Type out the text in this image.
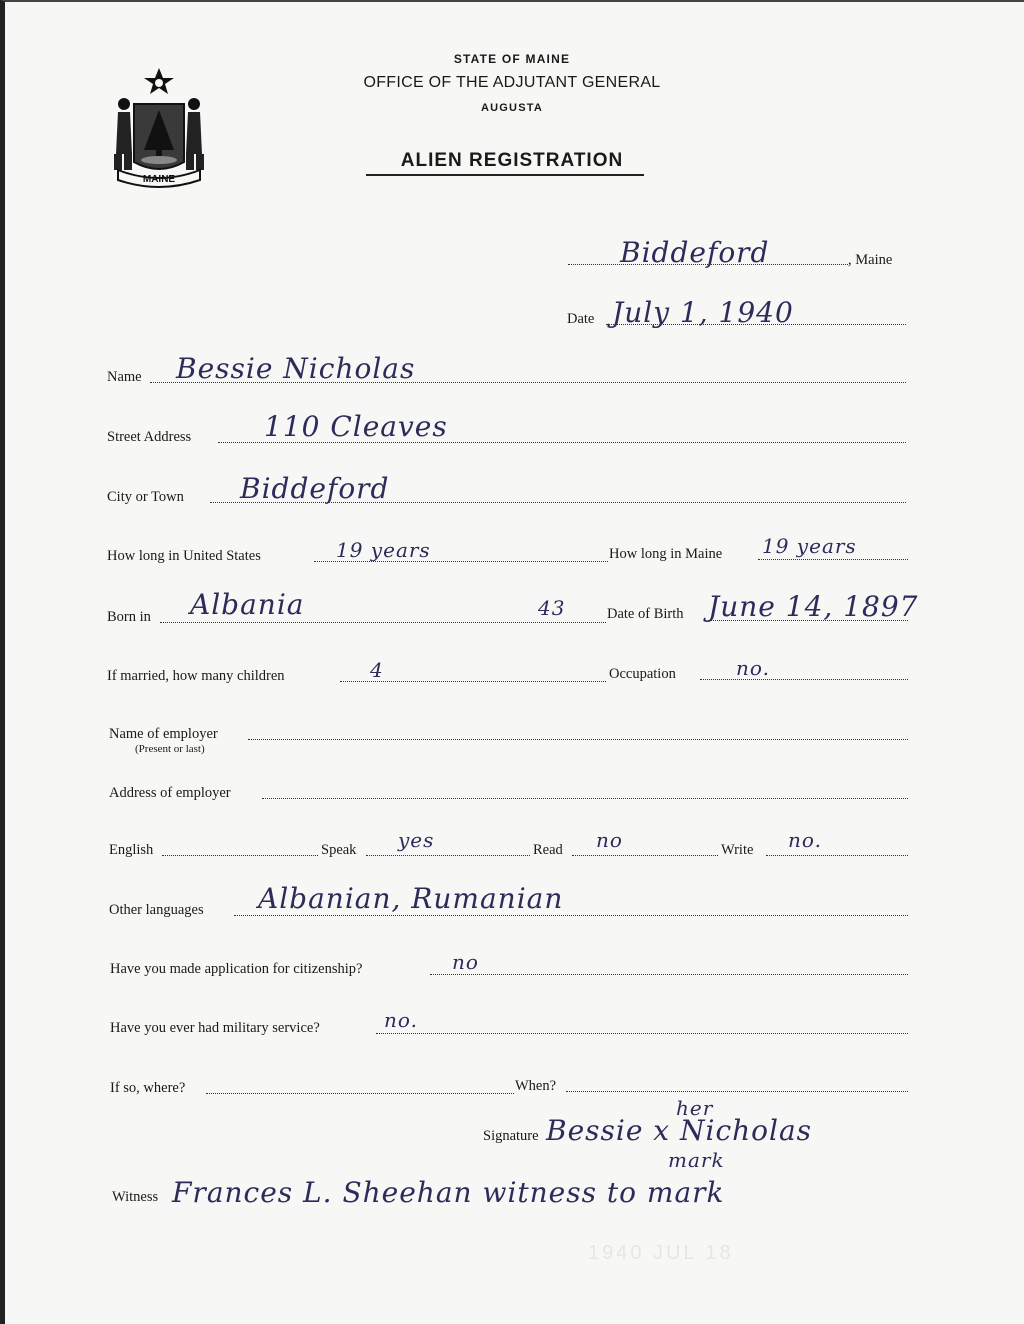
MAINE
STATE OF MAINE
OFFICE OF THE ADJUTANT GENERAL
AUGUSTA
ALIEN REGISTRATION
Biddeford	, Maine
Date July 1, 1940
Name Bessie Nicholas
Street Address	110 Cleaves
City or Town Biddeford
How long in United States	19 years	How long in Maine 19 years
Born in Albania	43	Date of Birth June 14, 1897
If married, how many children	4	Occupation	no.
Name of employer
(Present or last)
Address of employer
English	Speak yes	Read no	Write no.
Other languages Albanian, Rumanian
Have you made application for citizenship?	no
Have you ever had military service?	no.
If so, where?	When?
her
Signature Bessie x Nicholas
mark
Witness Frances L. Sheehan witness to mark
1940 JUL 18
